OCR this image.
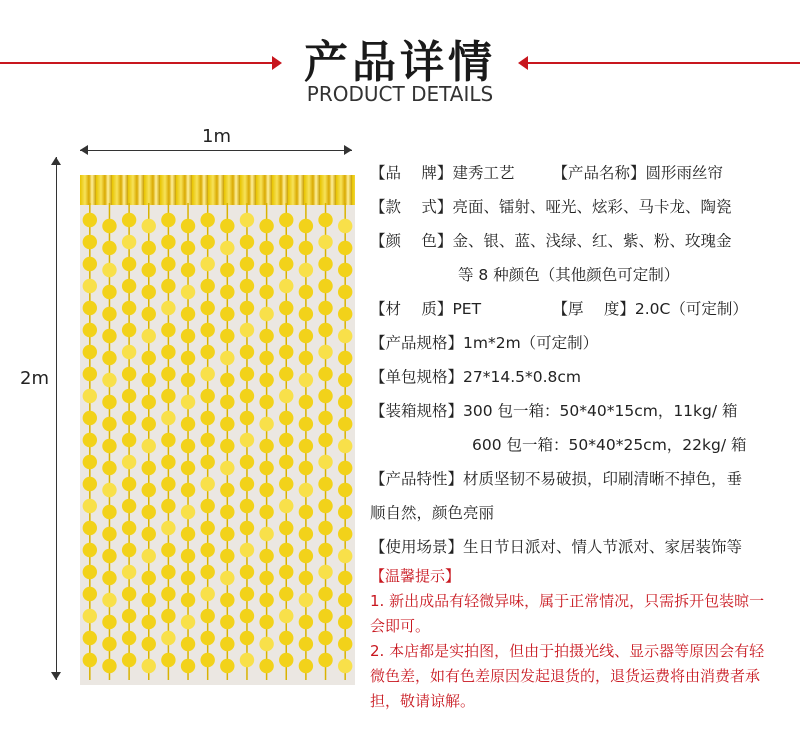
产品详情
PRODUCT DETAILS
1m
2m
【品　 牌】 建秀工艺	【产品名称】 圆形雨丝帘
【款　 式】 亮面、镭射、哑光、炫彩、马卡龙、陶瓷
【颜　 色】 金、银、蓝、浅绿、红、紫、粉、玫瑰金
等 8 种颜色（其他颜色可定制）
【材　 质】 PET	【厚　 度】 2.0C（可定制）
【产品规格】 1m*2m（可定制）
【单包规格】 27*14.5*0.8cm
【装箱规格】 300 包一箱：50*40*15cm，11kg/ 箱
600 包一箱：50*40*25cm，22kg/ 箱
【产品特性】 材质坚韧不易破损，印刷清晰不掉色，垂
顺自然，颜色亮丽
【使用场景】 生日节日派对、情人节派对、家居装饰等
【温馨提示】
1. 新出成品有轻微异味，属于正常情况，只需拆开包装晾一
会即可。
2. 本店都是实拍图，但由于拍摄光线、显示器等原因会有轻
微色差，如有色差原因发起退货的，退货运费将由消费者承
担，敬请谅解。
